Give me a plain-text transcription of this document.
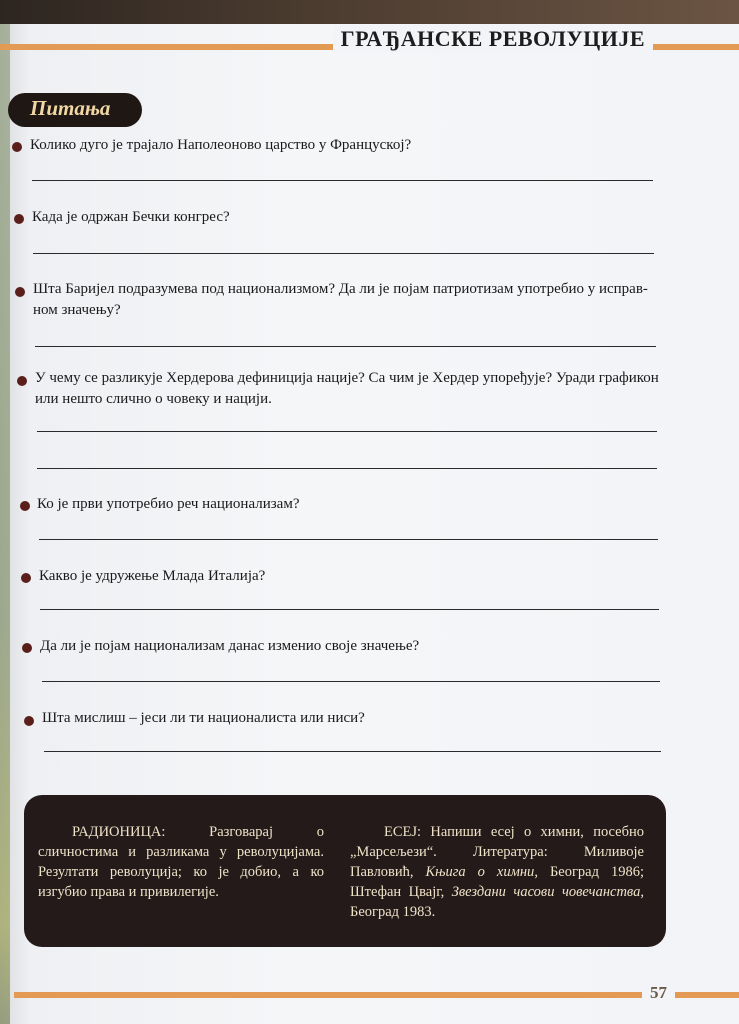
ГРАЂАНСКЕ РЕВОЛУЦИЈЕ
Питања
Колико дуго је трајало Наполеоново царство у Француској?
Када је одржан Бечки конгрес?
Шта Баријел подразумева под национализмом? Да ли је појам патриотизам употребио у исправ-
ном значењу?
У чему се разликује Хердерова дефиниција нације? Са чим је Хердер упоређује? Уради графикон
или нешто слично о човеку и нацији.
Ко је први употребио реч национализам?
Какво је удружење Млада Италија?
Да ли је појам национализам данас изменио своје значење?
Шта мислиш – јеси ли ти националиста или ниси?
РАДИОНИЦА: Разговарај о сличностима и разликама у револуцијама. Резултати револуција; ко је добио, а ко изгубио права и привилегије.
ЕСЕЈ: Напиши есеј о химни, посебно „Марсељези“. Литература: Миливоје Павловић, Књига о химни, Београд 1986; Штефан Цвајг, Звездани часови човечанства, Београд 1983.
57
